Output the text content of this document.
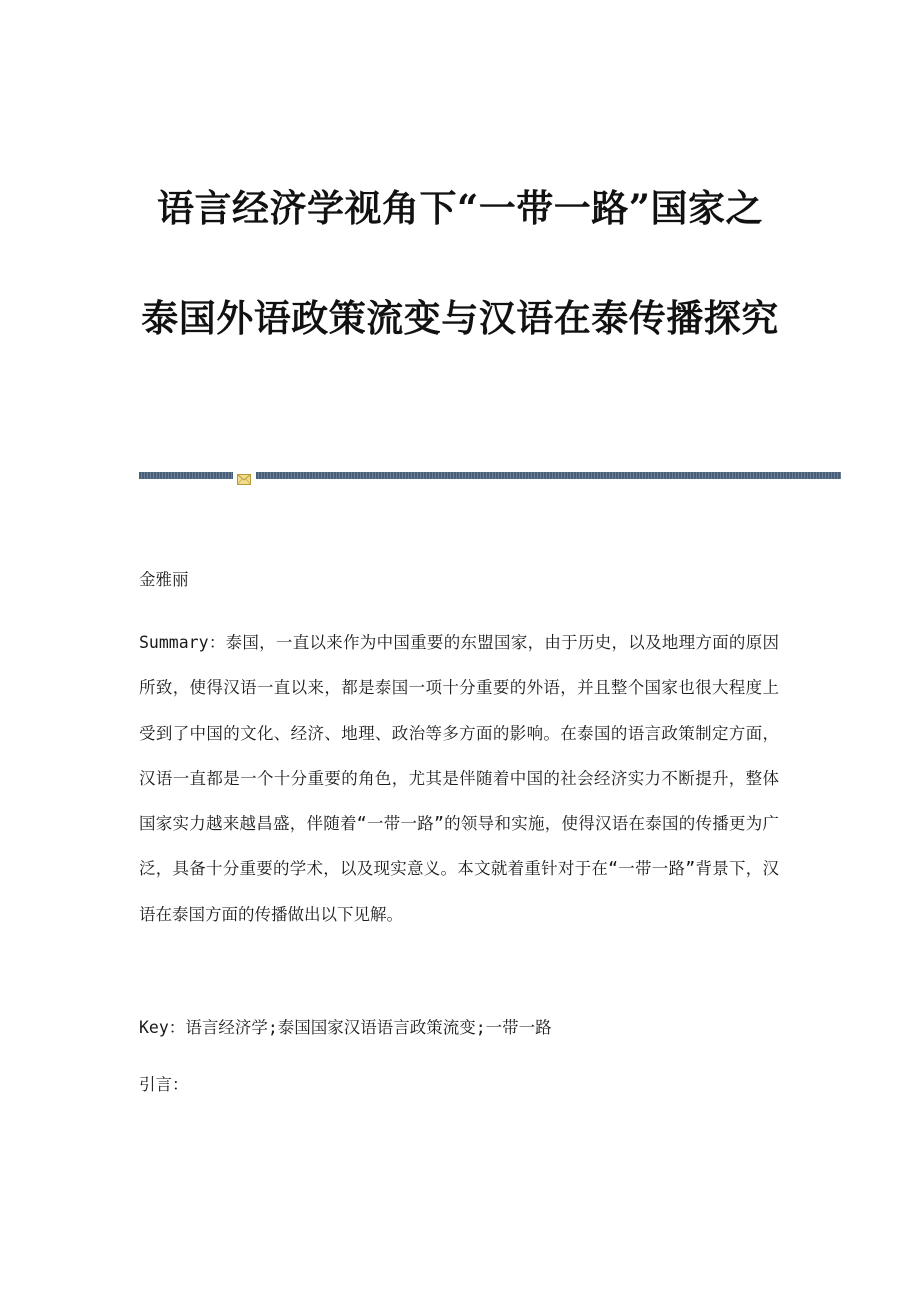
语言经济学视角下“一带一路”国家之
泰国外语政策流变与汉语在泰传播探究
金雅丽
Summary：泰国，一直以来作为中国重要的东盟国家，由于历史，以及地理方面的原因所致，使得汉语一直以来，都是泰国一项十分重要的外语，并且整个国家也很大程度上受到了中国的文化、经济、地理、政治等多方面的影响。在泰国的语言政策制定方面，汉语一直都是一个十分重要的角色，尤其是伴随着中国的社会经济实力不断提升，整体国家实力越来越昌盛，伴随着“一带一路”的领导和实施，使得汉语在泰国的传播更为广泛，具备十分重要的学术，以及现实意义。本文就着重针对于在“一带一路”背景下，汉语在泰国方面的传播做出以下见解。
Key：语言经济学;泰国国家汉语语言政策流变;一带一路
引言：
